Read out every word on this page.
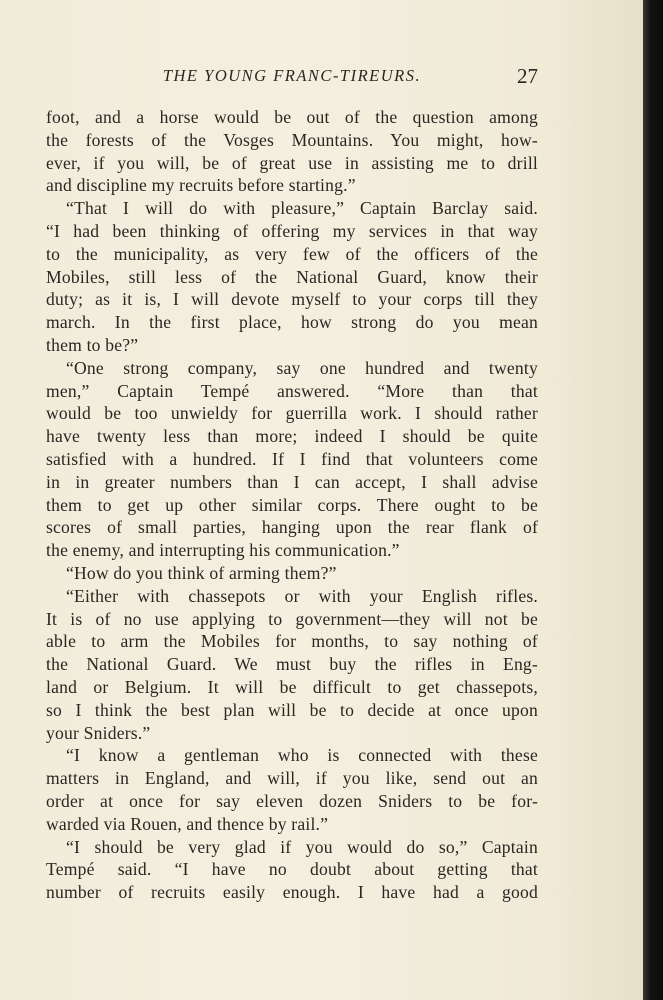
THE YOUNG FRANC-TIREURS.	27
foot, and a horse would be out of the question among
the forests of the Vosges Mountains. You might, how-
ever, if you will, be of great use in assisting me to drill
and discipline my recruits before starting.”
“That I will do with pleasure,” Captain Barclay said.
“I had been thinking of offering my services in that way
to the municipality, as very few of the officers of the
Mobiles, still less of the National Guard, know their
duty; as it is, I will devote myself to your corps till they
march. In the first place, how strong do you mean
them to be?”
“One strong company, say one hundred and twenty
men,” Captain Tempé answered. “More than that
would be too unwieldy for guerrilla work. I should rather
have twenty less than more; indeed I should be quite
satisfied with a hundred. If I find that volunteers come
in in greater numbers than I can accept, I shall advise
them to get up other similar corps. There ought to be
scores of small parties, hanging upon the rear flank of
the enemy, and interrupting his communication.”
“How do you think of arming them?”
“Either with chassepots or with your English rifles.
It is of no use applying to government—they will not be
able to arm the Mobiles for months, to say nothing of
the National Guard. We must buy the rifles in Eng-
land or Belgium. It will be difficult to get chassepots,
so I think the best plan will be to decide at once upon
your Sniders.”
“I know a gentleman who is connected with these
matters in England, and will, if you like, send out an
order at once for say eleven dozen Sniders to be for-
warded via Rouen, and thence by rail.”
“I should be very glad if you would do so,” Captain
Tempé said. “I have no doubt about getting that
number of recruits easily enough. I have had a good
